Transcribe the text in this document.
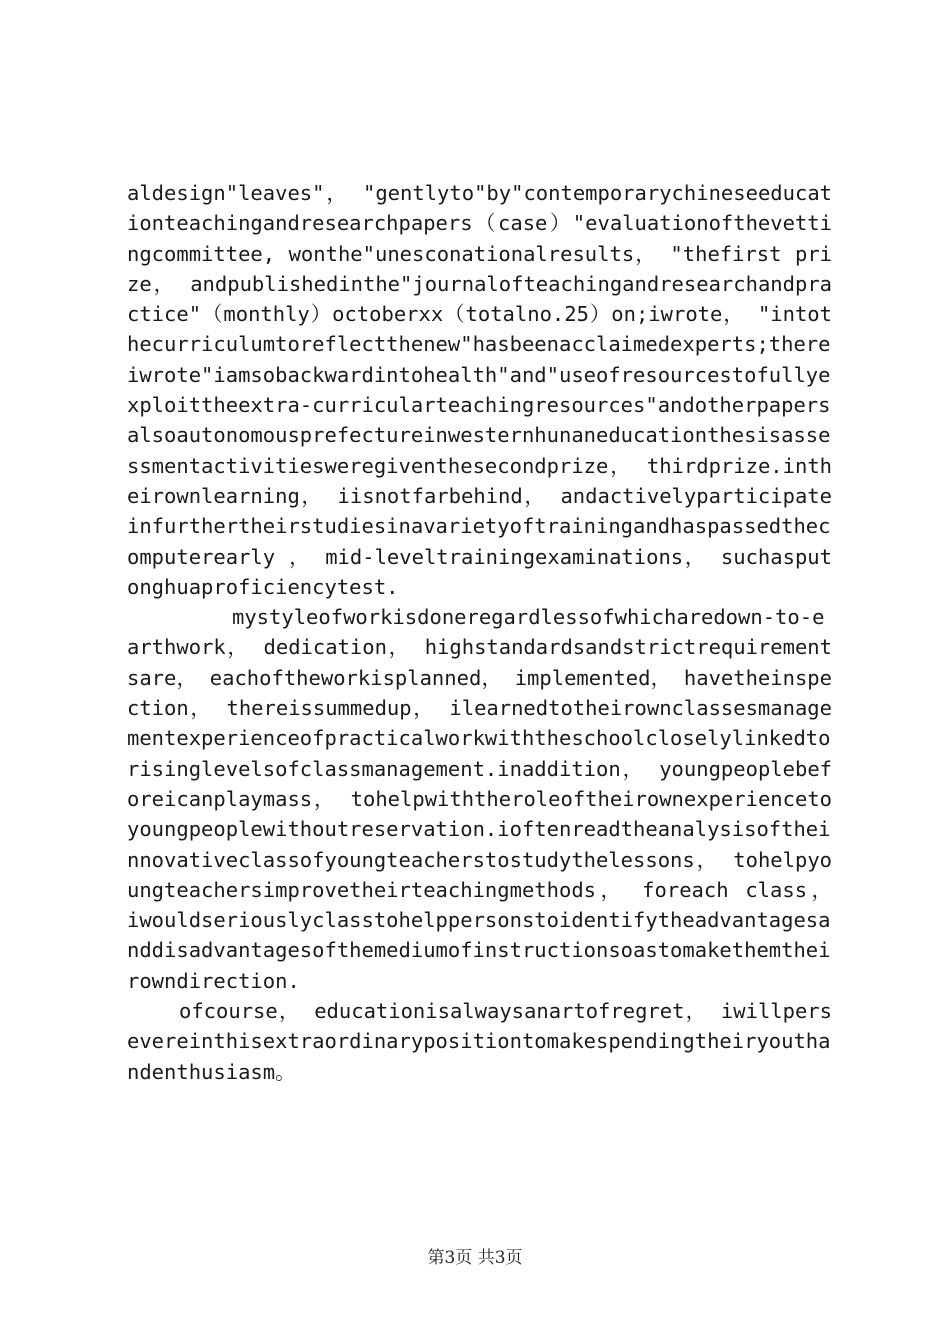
aldesign"leaves"， "gentlyto"by"contemporarychineseeducationteachingandresearchpapers（case）"evaluationofthevettingcommittee, wonthe"unesconationalresults， "thefirst prize， andpublishedinthe"journalofteachingandresearchandpractice"（monthly）octoberxx（totalno.25）on;iwrote， "intothecurriculumtoreflectthenew"hasbeenacclaimedexperts;thereiwrote"iamsobackwardintohealth"and"useofresourcestofullyexploittheextra-curricularteachingresources"andotherpapersalsoautonomousprefectureinwesternhunaneducationthesisassessmentactivitiesweregiventhesecondprize， thirdprize.intheirownlearning， iisnotfarbehind， andactivelyparticipateinfurthertheirstudiesinavarietyoftrainingandhaspassedthecomputerearly ， mid-leveltrainingexaminations， suchasputonghuaproficiencytest.

mystyleofworkisdoneregardlessofwhicharedown-to-earthwork， dedication， highstandardsandstrictrequirementsare， eachoftheworkisplanned， implemented， havetheinspection， thereissummedup， ilearnedtotheirownclassesmanagementexperienceofpracticalworkwiththeschoolcloselylinkedtorisinglevelsofclassmanagement.inaddition， youngpeoplebeforeicanplaymass， tohelpwiththeroleoftheirownexperiencetoyoungpeoplewithoutreservation.ioftenreadtheanalysisoftheinnovativeclassofyoungteacherstostudythelessons， tohelpyoungteachersimprovetheirteachingmethods， foreach class， iwouldseriouslyclasstohelppersonstoidentifytheadvantagesanddisadvantagesofthemediumofinstructionsoastomakethemtheirowndirection.

ofcourse， educationisalwaysanartofregret， iwillpersevereinthisextraordinarypositiontomakespendingtheiryouthandenthusiasm。

第3页 共3页
